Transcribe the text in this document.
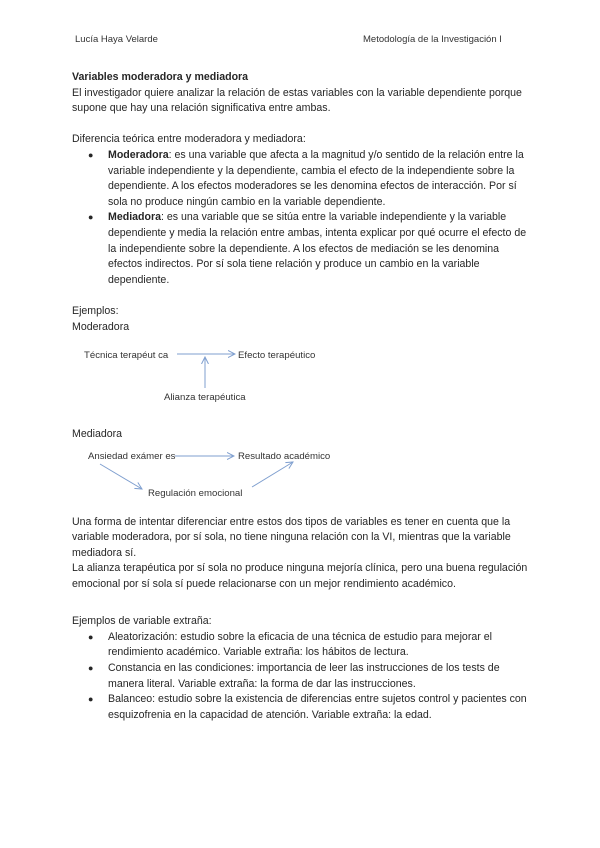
Lucía Haya Velarde	Metodología de la Investigación I

Variables moderadora y mediadora

El investigador quiere analizar la relación de estas variables con la variable dependiente porque supone que hay una relación significativa entre ambas.

Diferencia teórica entre moderadora y mediadora:

● Moderadora: es una variable que afecta a la magnitud y/o sentido de la relación entre la variable independiente y la dependiente, cambia el efecto de la independiente sobre la dependiente. A los efectos moderadores se les denomina efectos de interacción. Por sí sola no produce ningún cambio en la variable dependiente.
● Mediadora: es una variable que se sitúa entre la variable independiente y la variable dependiente y media la relación entre ambas, intenta explicar por qué ocurre el efecto de la independiente sobre la dependiente. A los efectos de mediación se les denomina efectos indirectos. Por sí sola tiene relación y produce un cambio en la variable dependiente.

Ejemplos:

Moderadora

Técnica terapéut ca	Efecto terapéutico
Alianza terapéutica

Mediadora

Ansiedad exámer es	Resultado académico
Regulación emocional

Una forma de intentar diferenciar entre estos dos tipos de variables es tener en cuenta que la variable moderadora, por sí sola, no tiene ninguna relación con la VI, mientras que la variable mediadora sí.

La alianza terapéutica por sí sola no produce ninguna mejoría clínica, pero una buena regulación emocional por sí sola sí puede relacionarse con un mejor rendimiento académico.

Ejemplos de variable extraña:

● Aleatorización: estudio sobre la eficacia de una técnica de estudio para mejorar el rendimiento académico. Variable extraña: los hábitos de lectura.
● Constancia en las condiciones: importancia de leer las instrucciones de los tests de manera literal. Variable extraña: la forma de dar las instrucciones.
● Balanceo: estudio sobre la existencia de diferencias entre sujetos control y pacientes con esquizofrenia en la capacidad de atención. Variable extraña: la edad.
